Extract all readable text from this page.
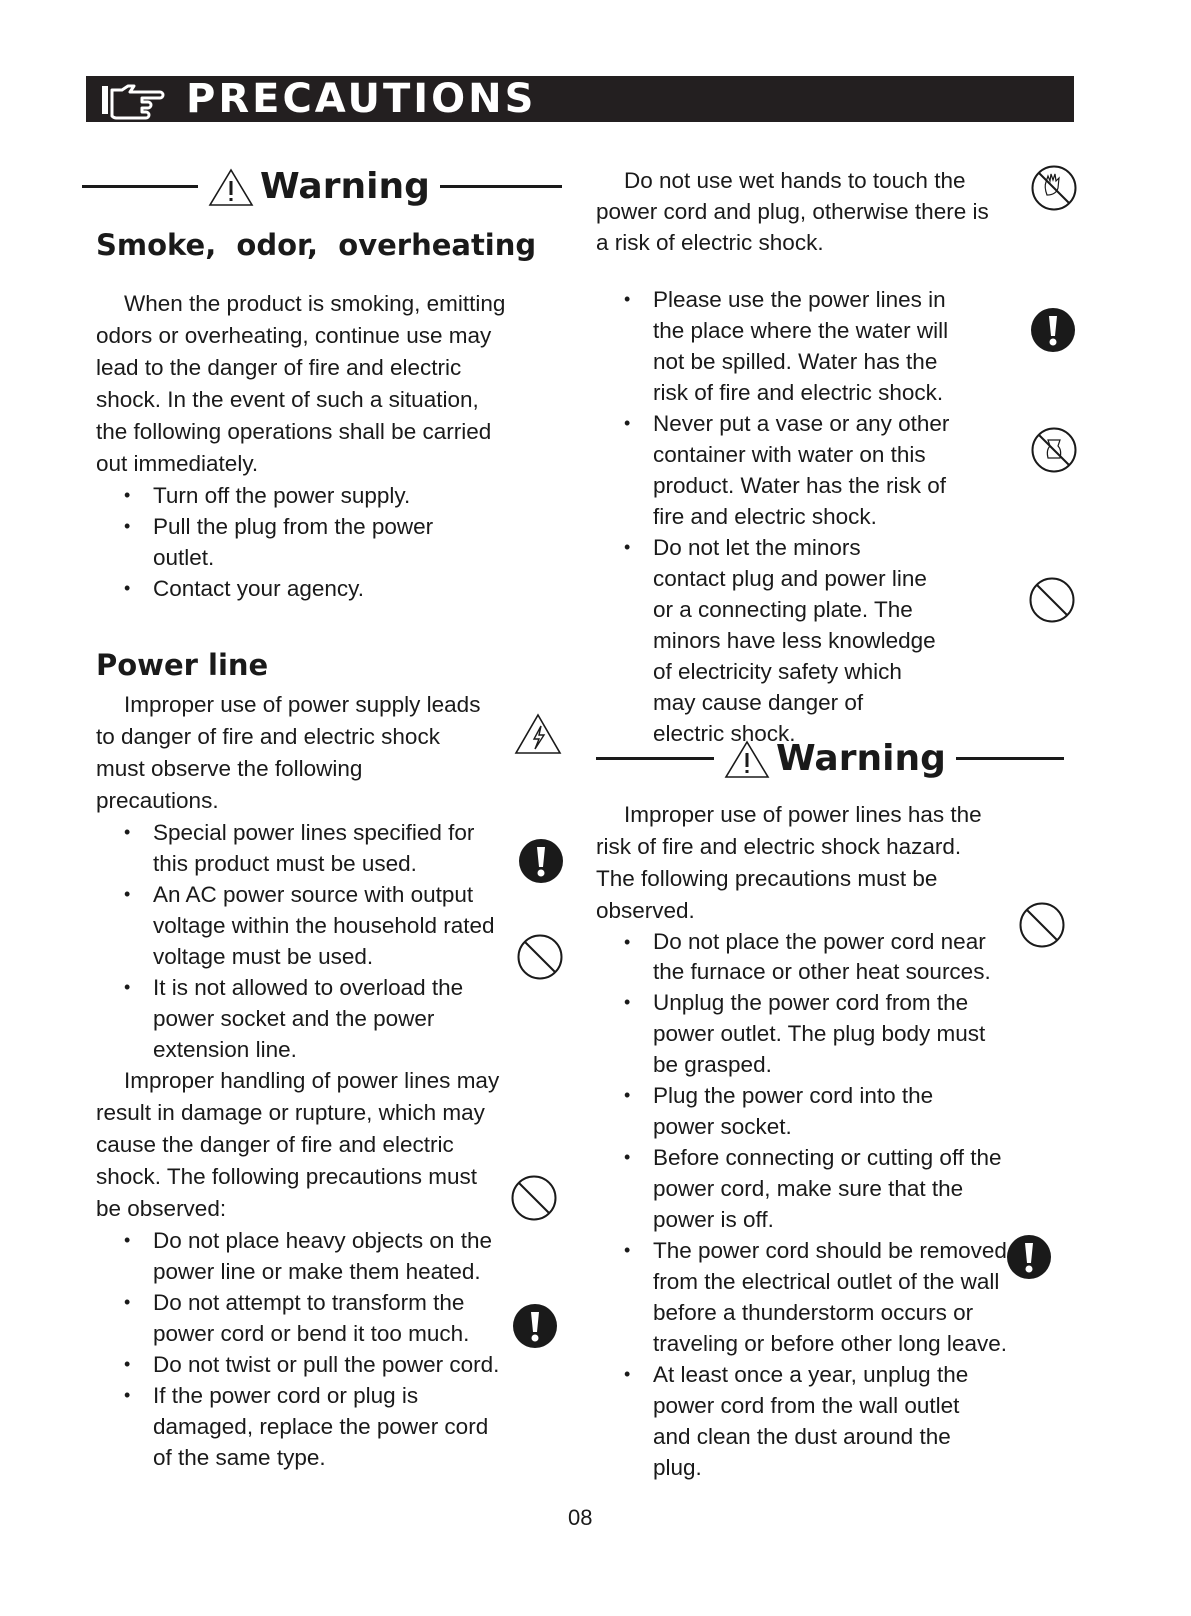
PRECAUTIONS
Warning
Smoke,  odor,  overheating

When the product is smoking, emitting odors or overheating, continue use may lead to the danger of fire and electric shock. In the event of such a situation, the following operations shall be carried out immediately.

• Turn off the power supply.
• Pull the plug from the power outlet.
• Contact your agency.
Power line

Improper use of power supply leads to danger of fire and electric shock must observe the following precautions.

• Special power lines specified for this product must be used.
• An AC power source with output voltage within the household rated voltage must be used.
• It is not allowed to overload the power socket and the power extension line.

Improper handling of power lines may result in damage or rupture, which may cause the danger of fire and electric shock. The following precautions must be observed:

• Do not place heavy objects on the power line or make them heated.
• Do not attempt to transform the power cord or bend it too much.
• Do not twist or pull the power cord.
• If the power cord or plug is damaged, replace the power cord of the same type.

Do not use wet hands to touch the power cord and plug, otherwise there is a risk of electric shock.

• Please use the power lines in the place where the water will not be spilled. Water has the risk of fire and electric shock.
• Never put a vase or any other container with water on this product. Water has the risk of fire and electric shock.
• Do not let the minors contact plug and power line or a connecting plate. The minors have less knowledge of electricity safety which may cause danger of electric shock.
Warning

Improper use of power lines has the risk of fire and electric shock hazard. The following precautions must be observed.

• Do not place the power cord near the furnace or other heat sources.
• Unplug the power cord from the power outlet. The plug body must be grasped.
• Plug the power cord into the power socket.
• Before connecting or cutting off the power cord, make sure that the power is off.
• The power cord should be removed from the electrical outlet of the wall before a thunderstorm occurs or traveling or before other long leave.
• At least once a year, unplug the power cord from the wall outlet and clean the dust around the plug.
08
